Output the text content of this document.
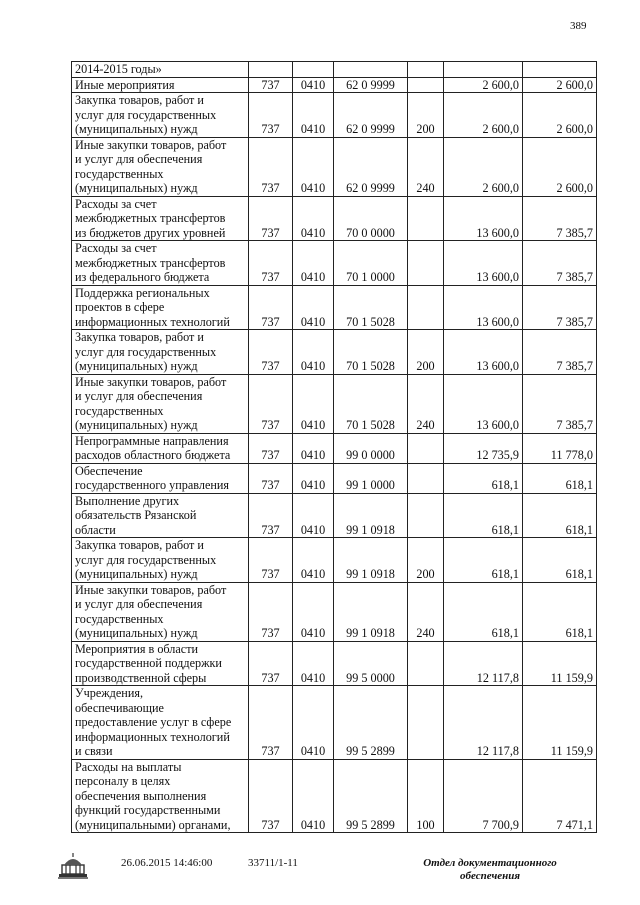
389
2014-2015 годы»						
Иные мероприятия	737	0410	62 0 9999		2 600,0	2 600,0
Закупка товаров, работ и
услуг для государственных
(муниципальных) нужд	737	0410	62 0 9999	200	2 600,0	2 600,0
Иные закупки товаров, работ
и услуг для обеспечения
государственных
(муниципальных) нужд	737	0410	62 0 9999	240	2 600,0	2 600,0
Расходы за счет
межбюджетных трансфертов
из бюджетов других уровней	737	0410	70 0 0000		13 600,0	7 385,7
Расходы за счет
межбюджетных трансфертов
из федерального бюджета	737	0410	70 1 0000		13 600,0	7 385,7
Поддержка региональных
проектов в сфере
информационных технологий	737	0410	70 1 5028		13 600,0	7 385,7
Закупка товаров, работ и
услуг для государственных
(муниципальных) нужд	737	0410	70 1 5028	200	13 600,0	7 385,7
Иные закупки товаров, работ
и услуг для обеспечения
государственных
(муниципальных) нужд	737	0410	70 1 5028	240	13 600,0	7 385,7
Непрограммные направления
расходов областного бюджета	737	0410	99 0 0000		12 735,9	11 778,0
Обеспечение
государственного управления	737	0410	99 1 0000		618,1	618,1
Выполнение других
обязательств Рязанской
области	737	0410	99 1 0918		618,1	618,1
Закупка товаров, работ и
услуг для государственных
(муниципальных) нужд	737	0410	99 1 0918	200	618,1	618,1
Иные закупки товаров, работ
и услуг для обеспечения
государственных
(муниципальных) нужд	737	0410	99 1 0918	240	618,1	618,1
Мероприятия в области
государственной поддержки
производственной сферы	737	0410	99 5 0000		12 117,8	11 159,9
Учреждения,
обеспечивающие
предоставление услуг в сфере
информационных технологий
и связи	737	0410	99 5 2899		12 117,8	11 159,9
Расходы на выплаты
персоналу в целях
обеспечения выполнения
функций государственными
(муниципальными) органами,	737	0410	99 5 2899	100	7 700,9	7 471,1
26.06.2015 14:46:00	33711/1-11	Отдел документационного
обеспечения
